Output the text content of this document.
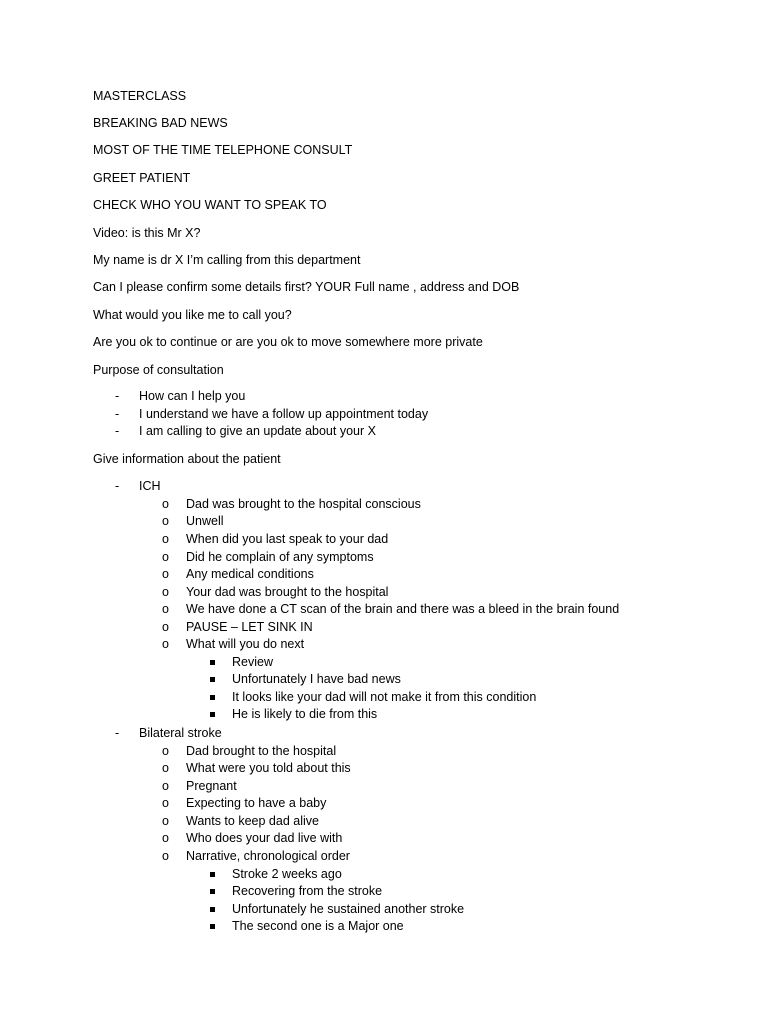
MASTERCLASS
BREAKING BAD NEWS
MOST OF THE TIME TELEPHONE CONSULT
GREET PATIENT
CHECK WHO YOU WANT TO SPEAK TO
Video: is this Mr X?
My name is dr X I’m calling from this department
Can I please confirm some details first? YOUR Full name , address and DOB
What would you like me to call you?
Are you ok to continue or are you ok to move somewhere more private
Purpose of consultation
- How can I help you
- I understand we have a follow up appointment today
- I am calling to give an update about your X
Give information about the patient
- ICH
o Dad was brought to the hospital conscious
o Unwell
o When did you last speak to your dad
o Did he complain of any symptoms
o Any medical conditions
o Your dad was brought to the hospital
o We have done a CT scan of the brain and there was a bleed in the brain found
o PAUSE – LET SINK IN
o What will you do next
Review
Unfortunately I have bad news
It looks like your dad will not make it from this condition
He is likely to die from this
- Bilateral stroke
o Dad brought to the hospital
o What were you told about this
o Pregnant
o Expecting to have a baby
o Wants to keep dad alive
o Who does your dad live with
o Narrative, chronological order
Stroke 2 weeks ago
Recovering from the stroke
Unfortunately he sustained another stroke
The second one is a Major one
